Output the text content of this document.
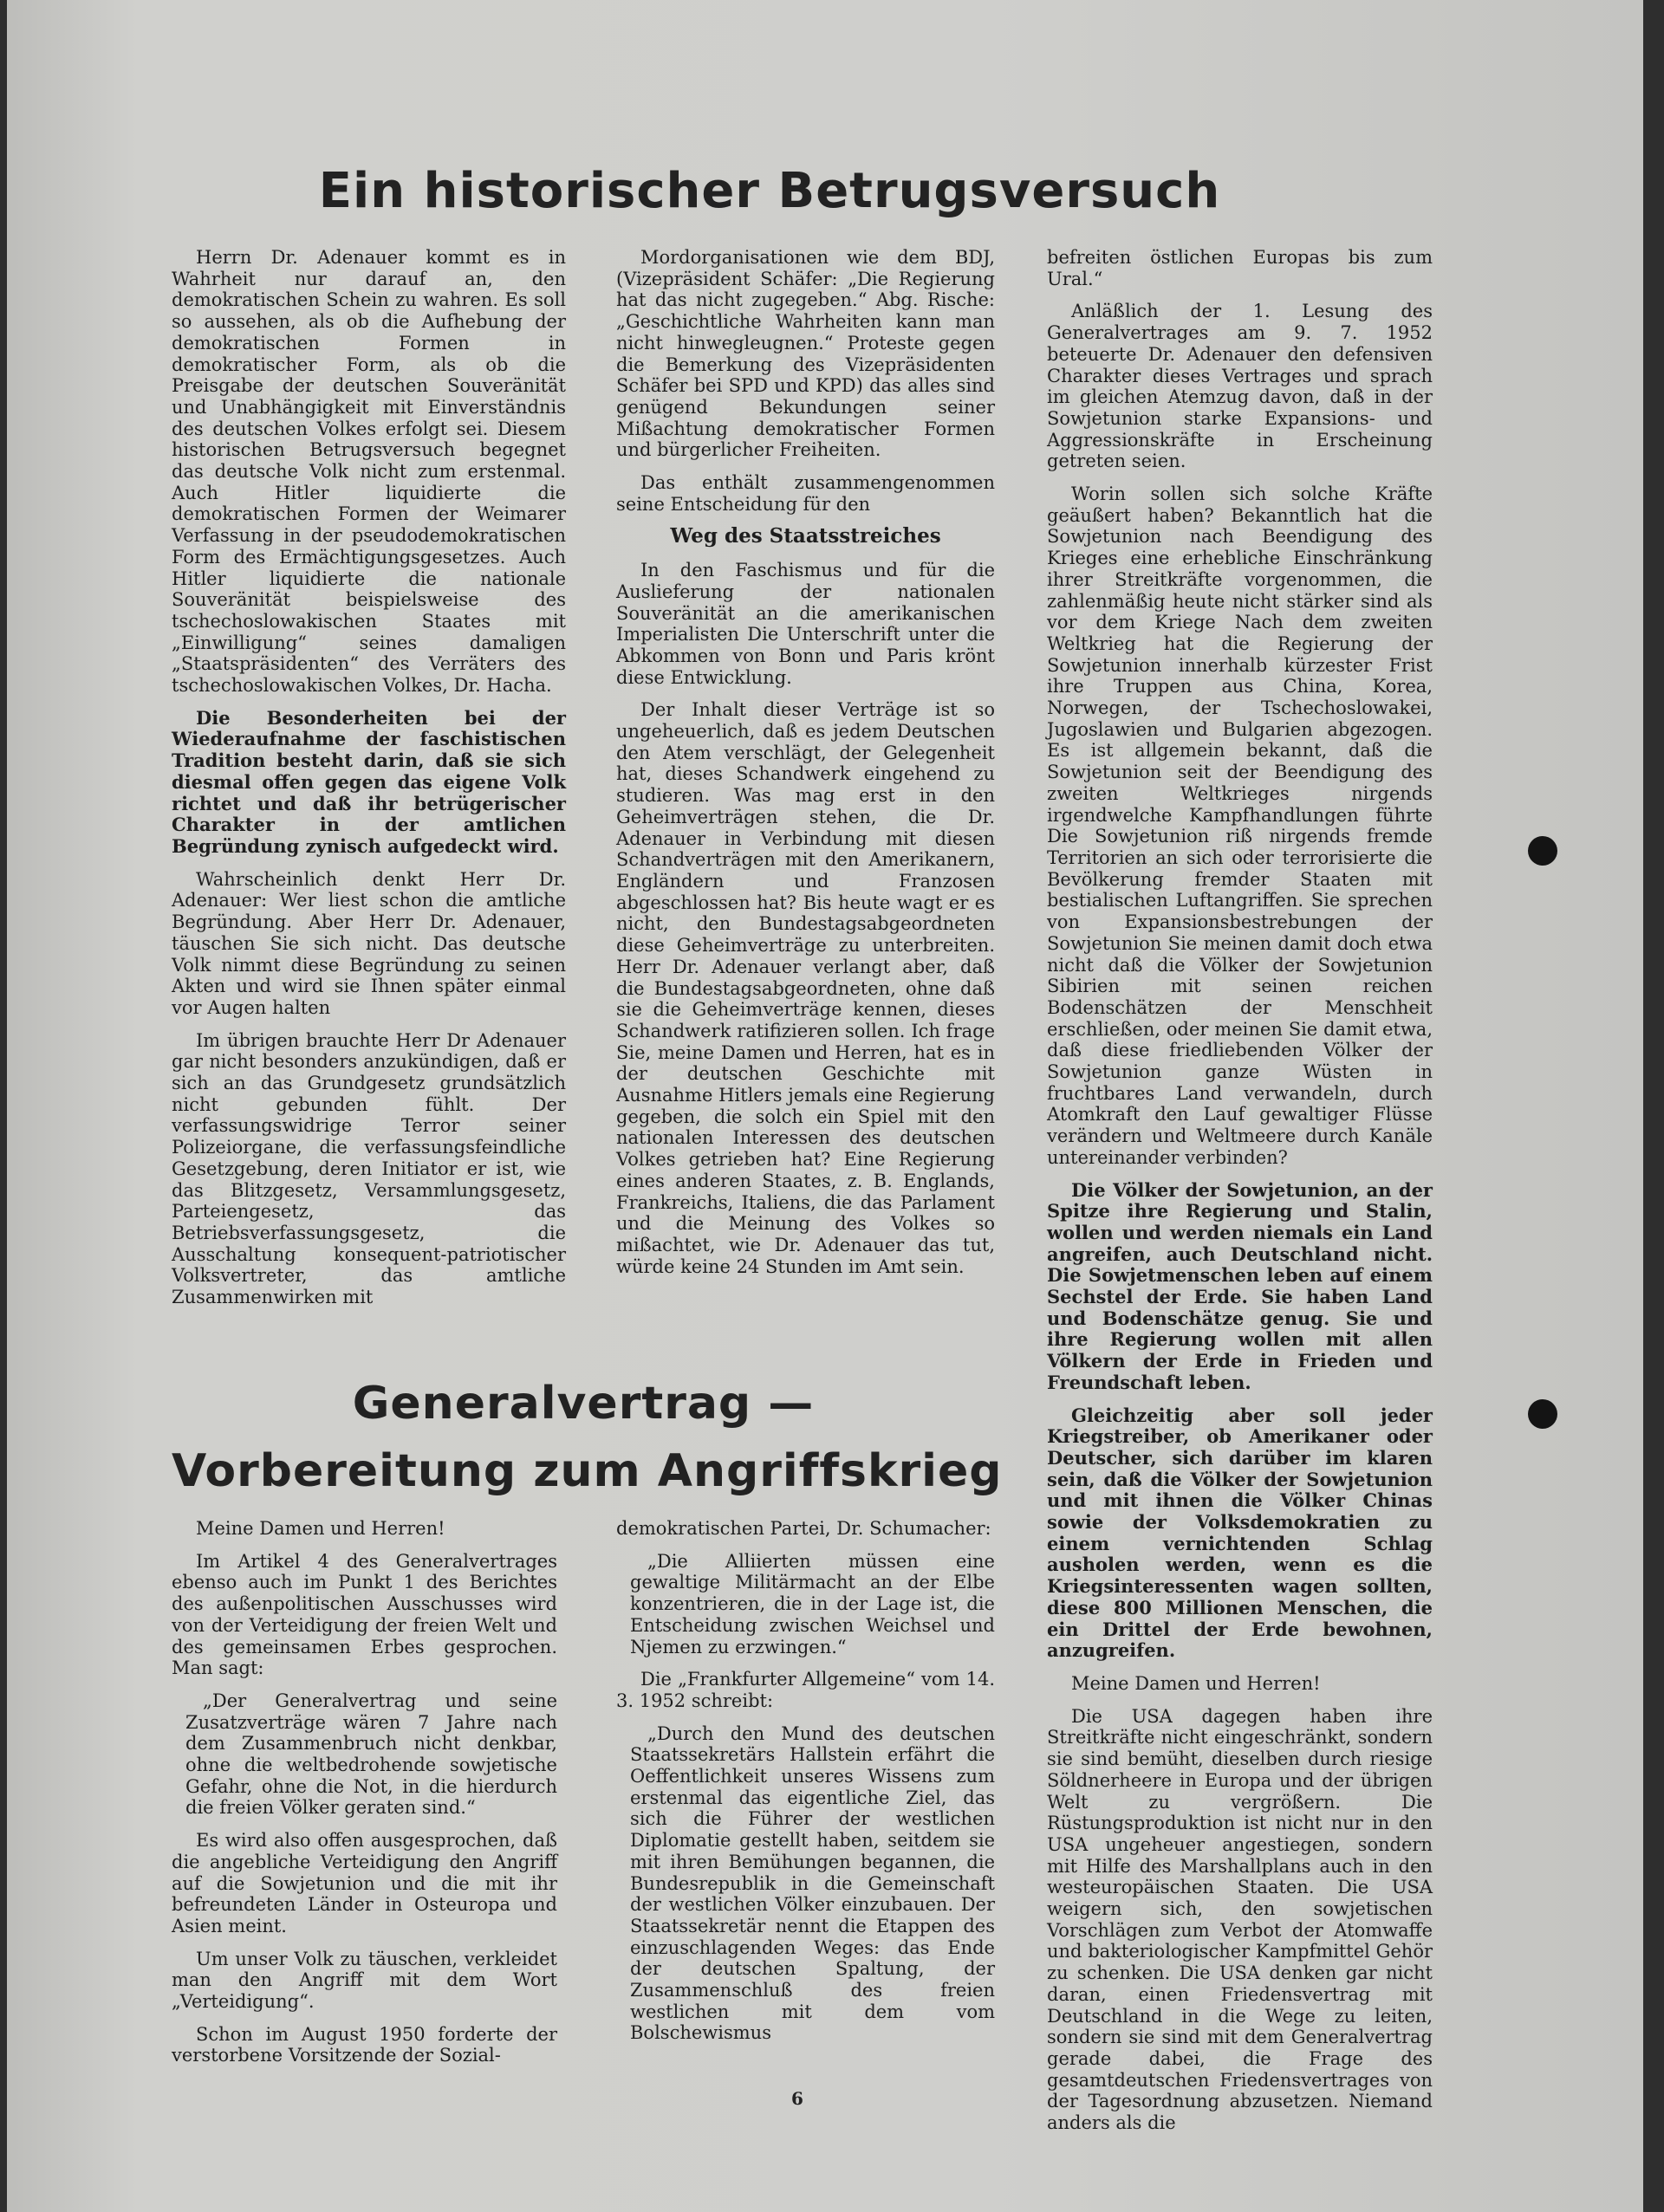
Ein historischer Betrugsversuch

Herrn Dr. Adenauer kommt es in Wahrheit nur darauf an, den demokratischen Schein zu wahren. Es soll so aussehen, als ob die Aufhebung der demokratischen Formen in demokratischer Form, als ob die Preisgabe der deutschen Souveränität und Unabhängigkeit mit Einverständnis des deutschen Volkes erfolgt sei. Diesem historischen Betrugsversuch begegnet das deutsche Volk nicht zum erstenmal. Auch Hitler liquidierte die demokratischen Formen der Weimarer Verfassung in der pseudodemokratischen Form des Ermächtigungsgesetzes. Auch Hitler liquidierte die nationale Souveränität beispielsweise des tschechoslowakischen Staates mit „Einwilligung“ seines damaligen „Staatspräsidenten“ des Verräters des tschechoslowakischen Volkes, Dr. Hacha.

Die Besonderheiten bei der Wiederaufnahme der faschistischen Tradition besteht darin, daß sie sich diesmal offen gegen das eigene Volk richtet und daß ihr betrügerischer Charakter in der amtlichen Begründung zynisch aufgedeckt wird.

Wahrscheinlich denkt Herr Dr. Adenauer: Wer liest schon die amtliche Begründung. Aber Herr Dr. Adenauer, täuschen Sie sich nicht. Das deutsche Volk nimmt diese Begründung zu seinen Akten und wird sie Ihnen später einmal vor Augen halten

Im übrigen brauchte Herr Dr Adenauer gar nicht besonders anzukündigen, daß er sich an das Grundgesetz grundsätzlich nicht gebunden fühlt. Der verfassungswidrige Terror seiner Polizeiorgane, die verfassungsfeindliche Gesetzgebung, deren Initiator er ist, wie das Blitzgesetz, Versammlungsgesetz, Parteiengesetz, das Betriebsverfassungsgesetz, die Ausschaltung konsequent-patriotischer Volksvertreter, das amtliche Zusammenwirken mit

Mordorganisationen wie dem BDJ, (Vizepräsident Schäfer: „Die Regierung hat das nicht zugegeben.“ Abg. Rische: „Geschichtliche Wahrheiten kann man nicht hinwegleugnen.“ Proteste gegen die Bemerkung des Vizepräsidenten Schäfer bei SPD und KPD) das alles sind genügend Bekundungen seiner Mißachtung demokratischer Formen und bürgerlicher Freiheiten.

Das enthält zusammengenommen seine Entscheidung für den

Weg des Staatsstreiches

In den Faschismus und für die Auslieferung der nationalen Souveränität an die amerikanischen Imperialisten Die Unterschrift unter die Abkommen von Bonn und Paris krönt diese Entwicklung.

Der Inhalt dieser Verträge ist so ungeheuerlich, daß es jedem Deutschen den Atem verschlägt, der Gelegenheit hat, dieses Schandwerk eingehend zu studieren. Was mag erst in den Geheimverträgen stehen, die Dr. Adenauer in Verbindung mit diesen Schandverträgen mit den Amerikanern, Engländern und Franzosen abgeschlossen hat? Bis heute wagt er es nicht, den Bundestagsabgeordneten diese Geheimverträge zu unterbreiten. Herr Dr. Adenauer verlangt aber, daß die Bundestagsabgeordneten, ohne daß sie die Geheimverträge kennen, dieses Schandwerk ratifizieren sollen. Ich frage Sie, meine Damen und Herren, hat es in der deutschen Geschichte mit Ausnahme Hitlers jemals eine Regierung gegeben, die solch ein Spiel mit den nationalen Interessen des deutschen Volkes getrieben hat? Eine Regierung eines anderen Staates, z. B. Englands, Frankreichs, Italiens, die das Parlament und die Meinung des Volkes so mißachtet, wie Dr. Adenauer das tut, würde keine 24 Stunden im Amt sein.

befreiten östlichen Europas bis zum Ural.“

Anläßlich der 1. Lesung des Generalvertrages am 9. 7. 1952 beteuerte Dr. Adenauer den defensiven Charakter dieses Vertrages und sprach im gleichen Atemzug davon, daß in der Sowjetunion starke Expansions- und Aggressionskräfte in Erscheinung getreten seien.

Worin sollen sich solche Kräfte geäußert haben? Bekanntlich hat die Sowjetunion nach Beendigung des Krieges eine erhebliche Einschränkung ihrer Streitkräfte vorgenommen, die zahlenmäßig heute nicht stärker sind als vor dem Kriege Nach dem zweiten Weltkrieg hat die Regierung der Sowjetunion innerhalb kürzester Frist ihre Truppen aus China, Korea, Norwegen, der Tschechoslowakei, Jugoslawien und Bulgarien abgezogen. Es ist allgemein bekannt, daß die Sowjetunion seit der Beendigung des zweiten Weltkrieges nirgends irgendwelche Kampfhandlungen führte Die Sowjetunion riß nirgends fremde Territorien an sich oder terrorisierte die Bevölkerung fremder Staaten mit bestialischen Luftangriffen. Sie sprechen von Expansionsbestrebungen der Sowjetunion Sie meinen damit doch etwa nicht daß die Völker der Sowjetunion Sibirien mit seinen reichen Bodenschätzen der Menschheit erschließen, oder meinen Sie damit etwa, daß diese friedliebenden Völker der Sowjetunion ganze Wüsten in fruchtbares Land verwandeln, durch Atomkraft den Lauf gewaltiger Flüsse verändern und Weltmeere durch Kanäle untereinander verbinden?

Die Völker der Sowjetunion, an der Spitze ihre Regierung und Stalin, wollen und werden niemals ein Land angreifen, auch Deutschland nicht. Die Sowjetmenschen leben auf einem Sechstel der Erde. Sie haben Land und Bodenschätze genug. Sie und ihre Regierung wollen mit allen Völkern der Erde in Frieden und Freundschaft leben.

Gleichzeitig aber soll jeder Kriegstreiber, ob Amerikaner oder Deutscher, sich darüber im klaren sein, daß die Völker der Sowjetunion und mit ihnen die Völker Chinas sowie der Volksdemokratien zu einem vernichtenden Schlag ausholen werden, wenn es die Kriegsinteressenten wagen sollten, diese 800 Millionen Menschen, die ein Drittel der Erde bewohnen, anzugreifen.

Meine Damen und Herren!

Die USA dagegen haben ihre Streitkräfte nicht eingeschränkt, sondern sie sind bemüht, dieselben durch riesige Söldnerheere in Europa und der übrigen Welt zu vergrößern. Die Rüstungsproduktion ist nicht nur in den USA ungeheuer angestiegen, sondern mit Hilfe des Marshallplans auch in den westeuropäischen Staaten. Die USA weigern sich, den sowjetischen Vorschlägen zum Verbot der Atomwaffe und bakteriologischer Kampfmittel Gehör zu schenken. Die USA denken gar nicht daran, einen Friedensvertrag mit Deutschland in die Wege zu leiten, sondern sie sind mit dem Generalvertrag gerade dabei, die Frage des gesamtdeutschen Friedensvertrages von der Tagesordnung abzusetzen. Niemand anders als die

Generalvertrag —
Vorbereitung zum Angriffskrieg

Meine Damen und Herren!

Im Artikel 4 des Generalvertrages ebenso auch im Punkt 1 des Berichtes des außenpolitischen Ausschusses wird von der Verteidigung der freien Welt und des gemeinsamen Erbes gesprochen. Man sagt:

„Der Generalvertrag und seine Zusatzverträge wären 7 Jahre nach dem Zusammenbruch nicht denkbar, ohne die weltbedrohende sowjetische Gefahr, ohne die Not, in die hierdurch die freien Völker geraten sind.“

Es wird also offen ausgesprochen, daß die angebliche Verteidigung den Angriff auf die Sowjetunion und die mit ihr befreundeten Länder in Osteuropa und Asien meint.

Um unser Volk zu täuschen, verkleidet man den Angriff mit dem Wort „Verteidigung“.

Schon im August 1950 forderte der verstorbene Vorsitzende der Sozial-

demokratischen Partei, Dr. Schumacher:

„Die Alliierten müssen eine gewaltige Militärmacht an der Elbe konzentrieren, die in der Lage ist, die Entscheidung zwischen Weichsel und Njemen zu erzwingen.“

Die „Frankfurter Allgemeine“ vom 14. 3. 1952 schreibt:

„Durch den Mund des deutschen Staatssekretärs Hallstein erfährt die Oeffentlichkeit unseres Wissens zum erstenmal das eigentliche Ziel, das sich die Führer der westlichen Diplomatie gestellt haben, seitdem sie mit ihren Bemühungen begannen, die Bundesrepublik in die Gemeinschaft der westlichen Völker einzubauen. Der Staatssekretär nennt die Etappen des einzuschlagenden Weges: das Ende der deutschen Spaltung, der Zusammenschluß des freien westlichen mit dem vom Bolschewismus

6
